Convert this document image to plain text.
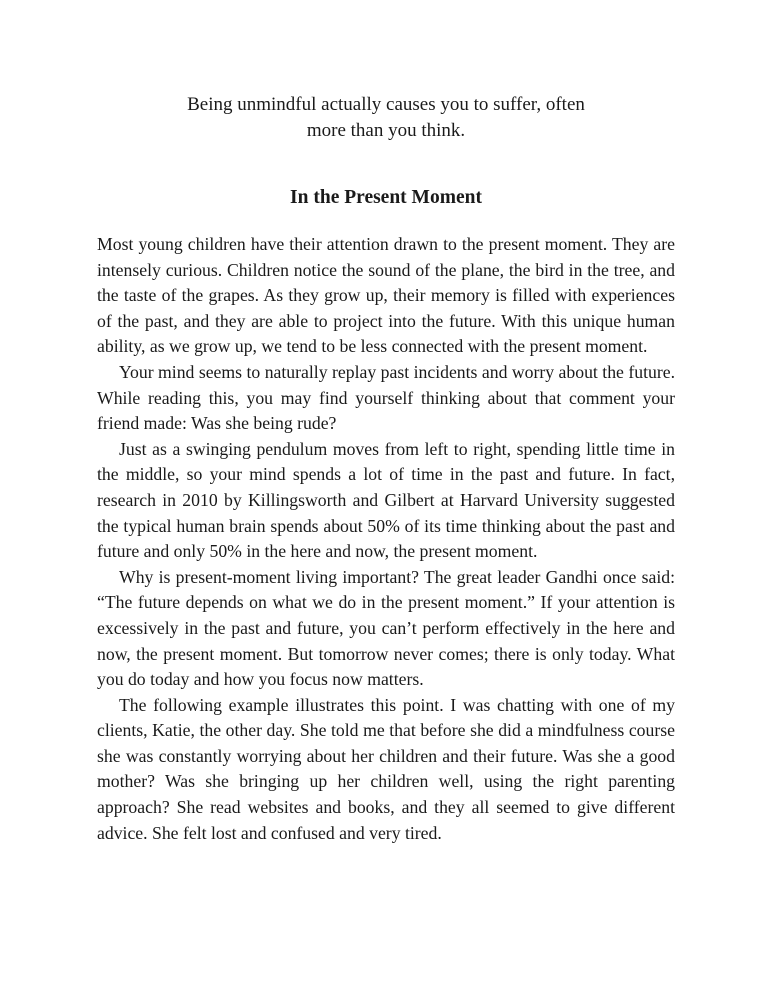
Being unmindful actually causes you to suffer, often
more than you think.
In the Present Moment

Most young children have their attention drawn to the present moment. They are intensely curious. Children notice the sound of the plane, the bird in the tree, and the taste of the grapes. As they grow up, their memory is filled with experiences of the past, and they are able to project into the future. With this unique human ability, as we grow up, we tend to be less connected with the present moment.

Your mind seems to naturally replay past incidents and worry about the future. While reading this, you may find yourself thinking about that comment your friend made: Was she being rude?

Just as a swinging pendulum moves from left to right, spending little time in the middle, so your mind spends a lot of time in the past and future. In fact, research in 2010 by Killingsworth and Gilbert at Harvard University suggested the typical human brain spends about 50% of its time thinking about the past and future and only 50% in the here and now, the present moment.

Why is present-moment living important? The great leader Gandhi once said: “The future depends on what we do in the present moment.” If your attention is excessively in the past and future, you can’t perform effectively in the here and now, the present moment. But tomorrow never comes; there is only today. What you do today and how you focus now matters.

The following example illustrates this point. I was chatting with one of my clients, Katie, the other day. She told me that before she did a mindfulness course she was constantly worrying about her children and their future. Was she a good mother? Was she bringing up her children well, using the right parenting approach? She read websites and books, and they all seemed to give different advice. She felt lost and confused and very tired.
